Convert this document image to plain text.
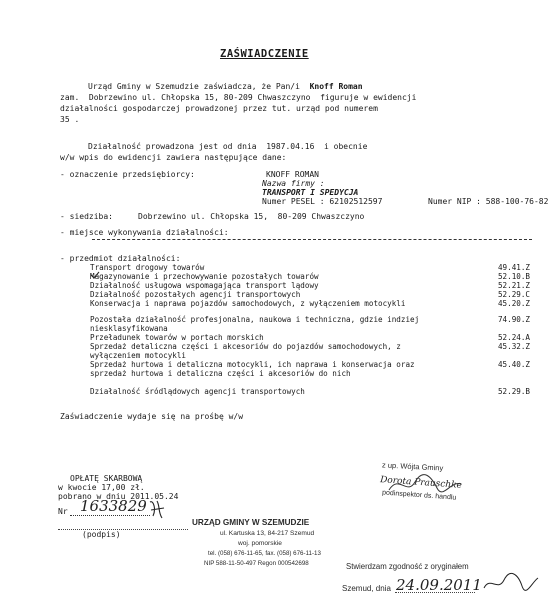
ZAŚWIADCZENIE
Urząd Gminy w Szemudzie zaświadcza, że Pan/i Knoff Roman
zam.  Dobrzewino ul. Chłopska 15, 80-209 Chwaszczyno  figuruje w ewidencji
działalności gospodarczej prowadzonej przez tut. urząd pod numerem
35 .
Działalność prowadzona jest od dnia 1987.04.16 i obecnie
w/w wpis do ewidencji zawiera następujące dane:
- oznaczenie przedsiębiorcy:	KNOFF ROMAN
Nazwa firmy :
TRANSPORT I SPEDYCJA
Numer PESEL : 62102512597	Numer NIP : 588-100-76-82
- siedziba:	Dobrzewino ul. Chłopska 15,  80-209 Chwaszczyno
- miejsce wykonywania działalności:
- przedmiot działalności:
Transport drogowy towarów	49.41.Z
Magazynowanie i przechowywanie pozostałych towarów	52.10.B
Działalność usługowa wspomagająca transport lądowy	52.21.Z
Działalność pozostałych agencji transportowych	52.29.C
Konserwacja i naprawa pojazdów samochodowych, z wyłączeniem motocykli	45.20.Z
Pozostała działalność profesjonalna, naukowa i techniczna, gdzie indziej niesklasyfikowana
74.90.Z
Przeładunek towarów w portach morskich	52.24.A
Sprzedaż detaliczna części i akcesoriów do pojazdów samochodowych, z wyłączeniem motocykli
45.32.Z
Sprzedaż hurtowa i detaliczna motocykli, ich naprawa i konserwacja oraz sprzedaż hurtowa i detaliczna części i akcesoriów do nich
45.40.Z
Działalność śródlądowych agencji transportowych	52.29.B
Zaświadczenie wydaje się na prośbę w/w
OPŁATĘ SKARBOWĄ
w kwocie 17,00 zł.
pobrano w dniu 2011.05.24
Nr 1633829
(podpis)
URZĄD GMINY W SZEMUDZIE
ul. Kartuska 13, 84-217 Szemud
woj. pomorskie
tel. (058) 676-11-65, fax. (058) 676-11-13
NIP 588-11-50-497 Regon 000542698
z up. Wójta Gminy
Dorota Prauschke
podinspektor ds. handlu
Stwierdzam zgodność z oryginałem
Szemud, dnia 24.09.2011
